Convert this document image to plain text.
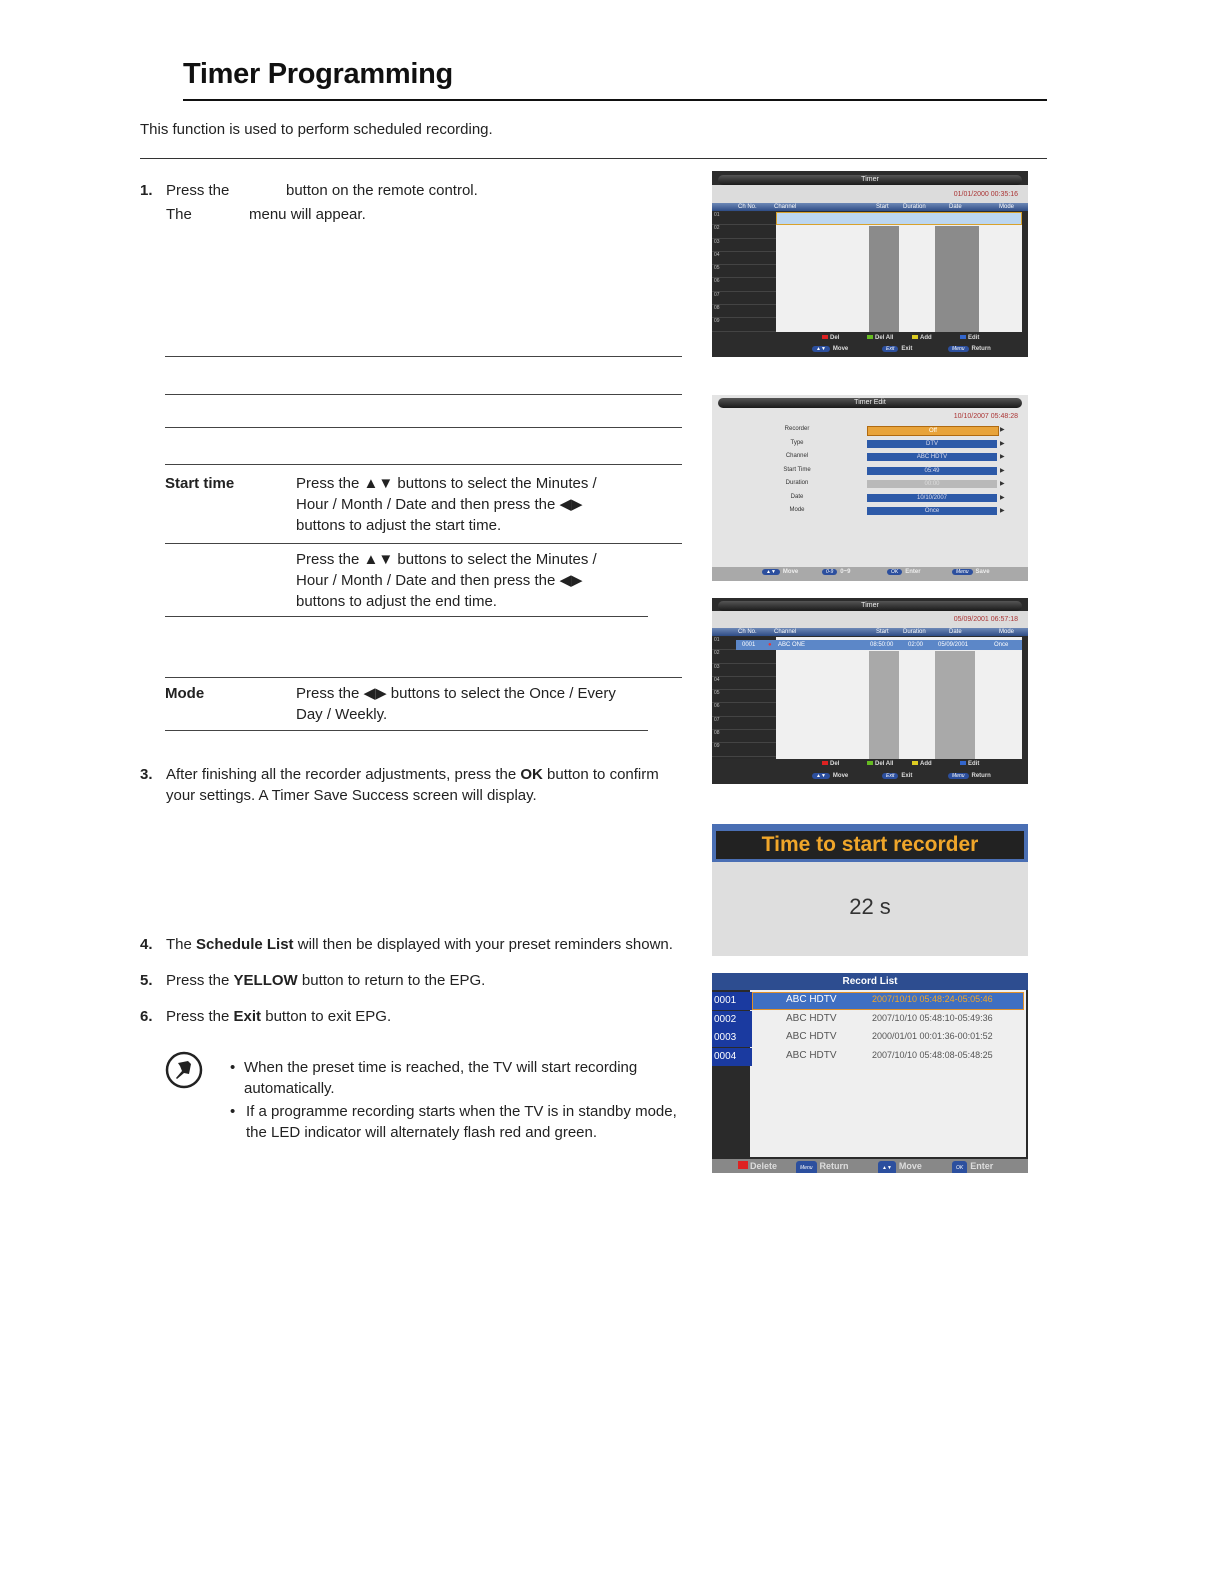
Timer Programming
This function is used to perform scheduled recording.
1. Press the	button on the remote control.
The	menu will appear.
Start time	Press the ▲▼ buttons to select the Minutes / Hour / Month / Date and then press the ◀▶ buttons to adjust the start time.
Press the ▲▼ buttons to select the Minutes / Hour / Month / Date and then press the ◀▶ buttons to adjust the end time.
Mode	Press the ◀▶ buttons to select the Once / Every Day / Weekly.
3. After finishing all the recorder adjustments, press the OK button to confirm
your settings. A Timer Save Success screen will display.
4. The Schedule List will then be displayed with your preset reminders shown.
5. Press the YELLOW button to return to the EPG.
6. Press the Exit button to exit EPG.
• When the preset time is reached, the TV will start recording automatically.
• If a programme recording starts when the TV is in standby mode, the LED indicator will alternately flash red and green.
Timer
01/01/2000 00:35:16
Ch No.	Channel	Start Duration	Date	Mode
01
02
03
04
05
06
07
08
09
Del	Del All	Add	Edit
▲▼ Move	Exit Exit	Menu Return
Timer Edit
10/10/2007 05:48:28
Recorder	Off	▶
Type	DTV	▶
Channel	ABC HDTV	▶
Start Time	05:49	▶
Duration	00:00	▶
Date	10/10/2007	▶
Mode	Once	▶
▲▼ Move	0-9 0~9	OK Enter	Menu Save
Timer
05/09/2001 06:57:18
Ch No.	Channel	Start Duration	Date	Mode
01
02
03
04
05
06
07
08
09
0001 ● ABC ONE	08:50:00 02:00 05/09/2001	Once
Del	Del All	Add	Edit
▲▼ Move	Exit Exit	Menu Return
Time to start recorder
22 s
Record List
0001	ABC HDTV	2007/10/10 05:48:24-05:05:46
0002	ABC HDTV	2007/10/10 05:48:10-05:49:36
0003	ABC HDTV	2000/01/01 00:01:36-00:01:52
0004	ABC HDTV	2007/10/10 05:48:08-05:48:25
Delete	Menu Return	▲▼ Move	OK Enter
